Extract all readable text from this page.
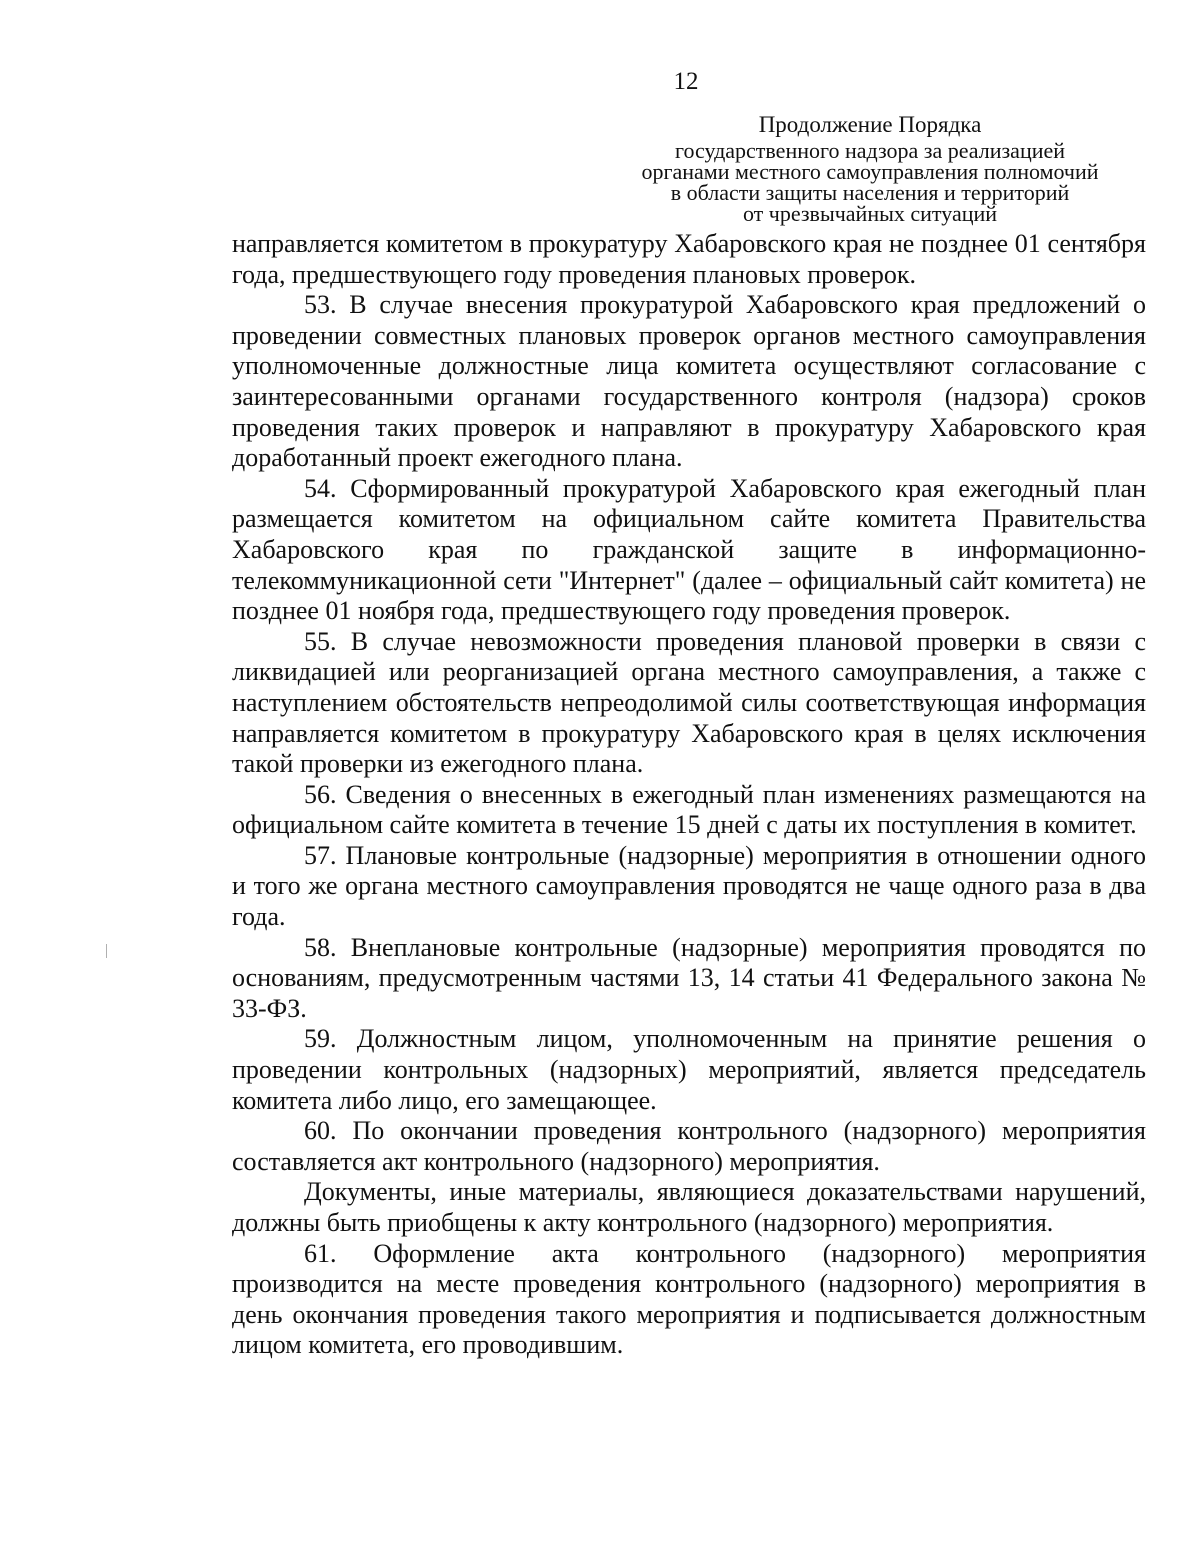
12
Продолжение Порядка
государственного надзора за реализацией
органами местного самоуправления полномочий
в области защиты населения и территорий
от чрезвычайных ситуаций

направляется комитетом в прокуратуру Хабаровского края не позднее 01 сентября года, предшествующего году проведения плановых проверок.

53. В случае внесения прокуратурой Хабаровского края предложений о проведении совместных плановых проверок органов местного самоуправления уполномоченные должностные лица комитета осуществляют согласование с заинтересованными органами государственного контроля (надзора) сроков проведения таких проверок и направляют в прокуратуру Хабаровского края доработанный проект ежегодного плана.

54. Сформированный прокуратурой Хабаровского края ежегодный план размещается комитетом на официальном сайте комитета Правительства Хабаровского края по гражданской защите в информационно-телекоммуникационной сети "Интернет" (далее – официальный сайт комитета) не позднее 01 ноября года, предшествующего году проведения проверок.

55. В случае невозможности проведения плановой проверки в связи с ликвидацией или реорганизацией органа местного самоуправления, а также с наступлением обстоятельств непреодолимой силы соответствующая информация направляется комитетом в прокуратуру Хабаровского края в целях исключения такой проверки из ежегодного плана.

56. Сведения о внесенных в ежегодный план изменениях размещаются на официальном сайте комитета в течение 15 дней с даты их поступления в комитет.

57. Плановые контрольные (надзорные) мероприятия в отношении одного и того же органа местного самоуправления проводятся не чаще одного раза в два года.

58. Внеплановые контрольные (надзорные) мероприятия проводятся по основаниям, предусмотренным частями 13, 14 статьи 41 Федерального закона № 33-ФЗ.

59. Должностным лицом, уполномоченным на принятие решения о проведении контрольных (надзорных) мероприятий, является председатель комитета либо лицо, его замещающее.

60. По окончании проведения контрольного (надзорного) мероприятия составляется акт контрольного (надзорного) мероприятия.

Документы, иные материалы, являющиеся доказательствами нарушений, должны быть приобщены к акту контрольного (надзорного) мероприятия.

61. Оформление акта контрольного (надзорного) мероприятия производится на месте проведения контрольного (надзорного) мероприятия в день окончания проведения такого мероприятия и подписывается должностным лицом комитета, его проводившим.
